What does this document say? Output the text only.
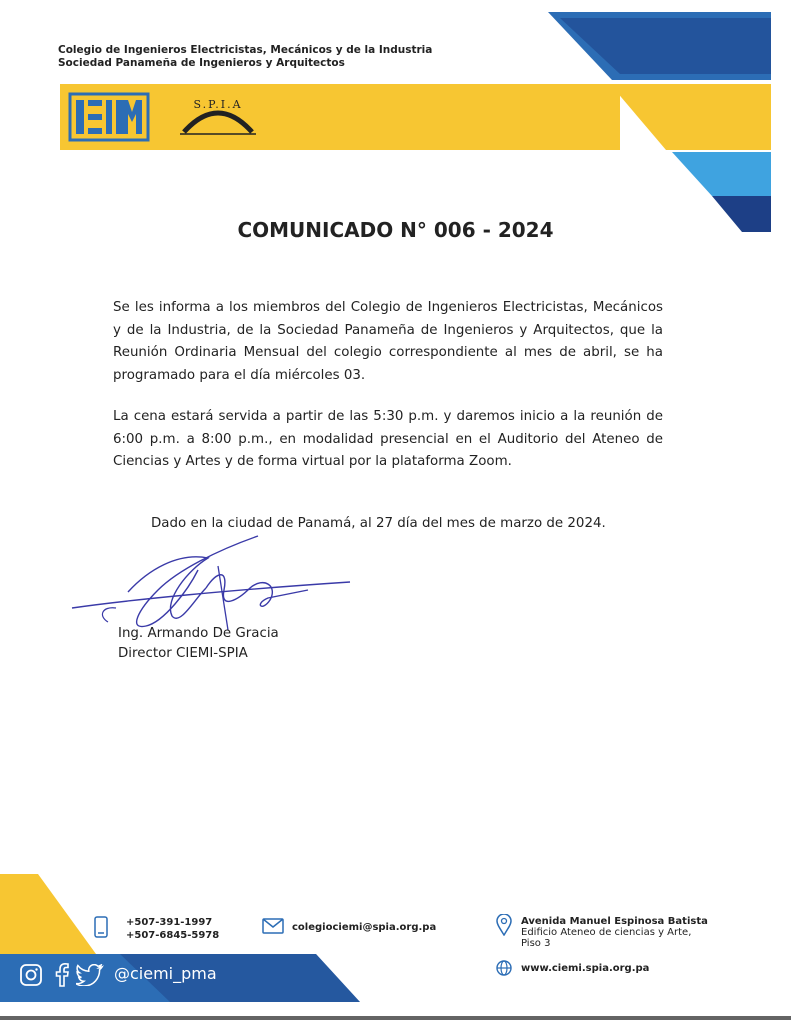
Colegio de Ingenieros Electricistas, Mecánicos y de la Industria
Sociedad Panameña de Ingenieros y Arquitectos
S.P.I.A
COMUNICADO N° 006 - 2024
Se les informa a los miembros del Colegio de Ingenieros Electricistas, Mecánicos y de la Industria, de la Sociedad Panameña de Ingenieros y Arquitectos, que la Reunión Ordinaria Mensual del colegio correspondiente al mes de abril, se ha programado para el día miércoles 03.
La cena estará servida a partir de las 5:30 p.m. y daremos inicio a la reunión de 6:00 p.m. a 8:00 p.m., en modalidad presencial en el Auditorio del Ateneo de Ciencias y Artes y de forma virtual por la plataforma Zoom.
Dado en la ciudad de Panamá, al 27 día del mes de marzo de 2024.
Ing. Armando De Gracia
Director CIEMI-SPIA
+507-391-1997
+507-6845-5978
colegiociemi@spia.org.pa
Avenida Manuel Espinosa Batista
Edificio Ateneo de ciencias y Arte,
Piso 3
www.ciemi.spia.org.pa
@ciemi_pma
